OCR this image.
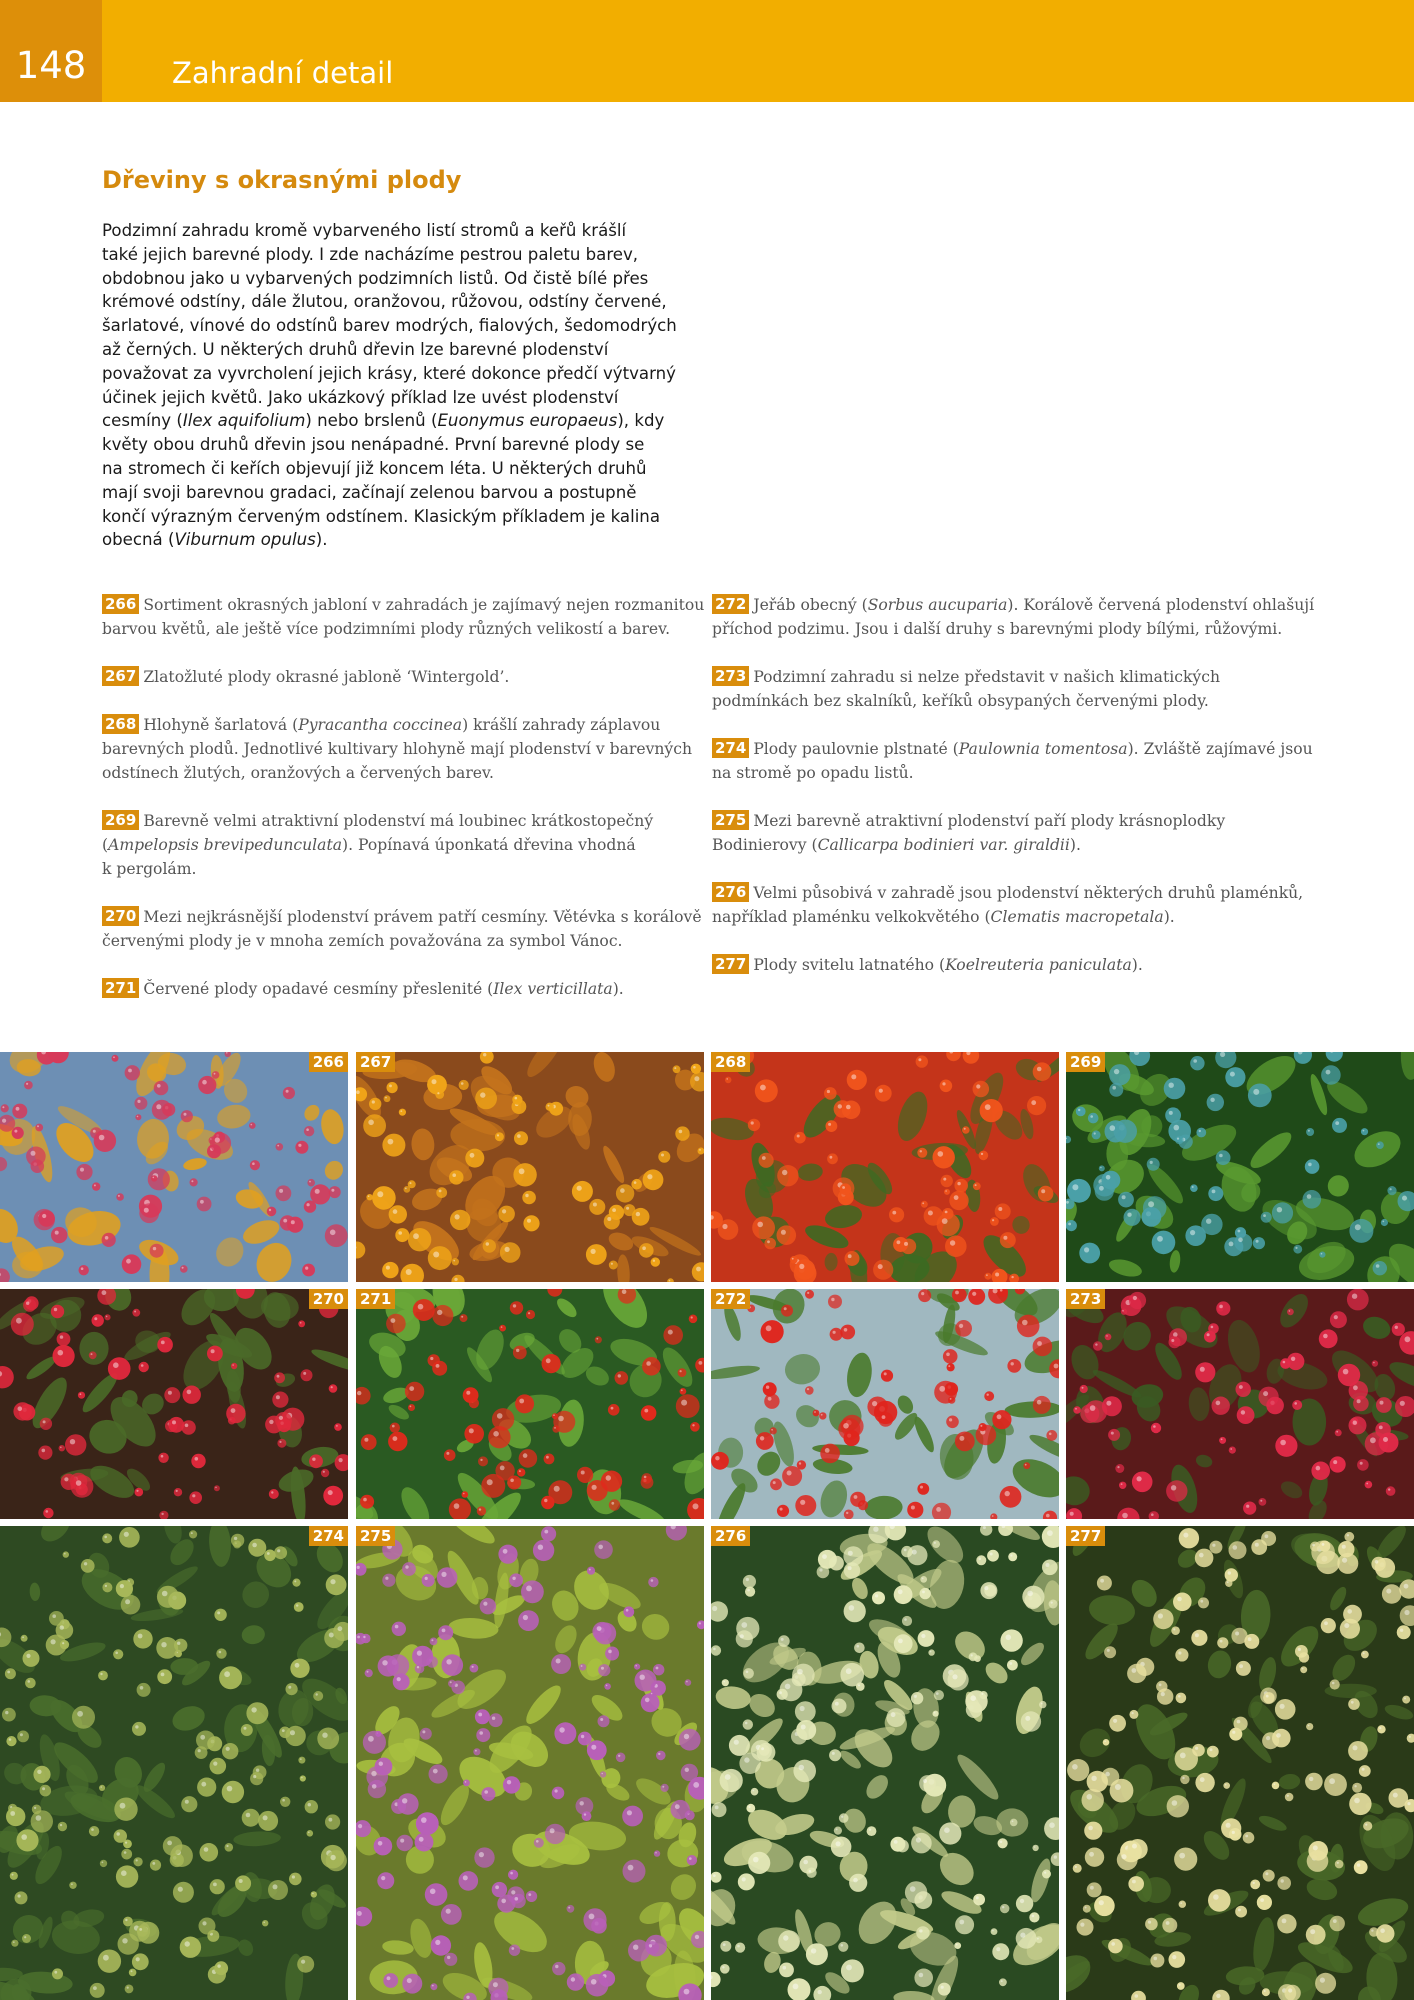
148	Zahradní detail
Dřeviny s okrasnými plody
Podzimní zahradu kromě vybarveného listí stromů a keřů krášlí
také jejich barevné plody. I zde nacházíme pestrou paletu barev,
obdobnou jako u vybarvených podzimních listů. Od čistě bílé přes
krémové odstíny, dále žlutou, oranžovou, růžovou, odstíny červené,
šarlatové, vínové do odstínů barev modrých, fialových, šedomodrých
až černých. U některých druhů dřevin lze barevné plodenství
považovat za vyvrcholení jejich krásy, které dokonce předčí výtvarný
účinek jejich květů. Jako ukázkový příklad lze uvést plodenství
cesmíny (Ilex aquifolium) nebo brslenů (Euonymus europaeus), kdy
květy obou druhů dřevin jsou nenápadné. První barevné plody se
na stromech či keřích objevují již koncem léta. U některých druhů
mají svoji barevnou gradaci, začínají zelenou barvou a postupně
končí výrazným červeným odstínem. Klasickým příkladem je kalina
obecná (Viburnum opulus).
266 Sortiment okrasných jabloní v zahradách je zajímavý nejen rozmanitou
barvou květů, ale ještě více podzimními plody různých velikostí a barev.
267 Zlatožluté plody okrasné jabloně ‘Wintergold’.
268 Hlohyně šarlatová (Pyracantha coccinea) krášlí zahrady záplavou
barevných plodů. Jednotlivé kultivary hlohyně mají plodenství v barevných
odstínech žlutých, oranžových a červených barev.
269 Barevně velmi atraktivní plodenství má loubinec krátkostopečný
(Ampelopsis brevipedunculata). Popínavá úponkatá dřevina vhodná
k pergolám.
270 Mezi nejkrásnější plodenství právem patří cesmíny. Větévka s korálově
červenými plody je v mnoha zemích považována za symbol Vánoc.
271 Červené plody opadavé cesmíny přeslenité (Ilex verticillata).
272 Jeřáb obecný (Sorbus aucuparia). Korálově červená plodenství ohlašují
příchod podzimu. Jsou i další druhy s barevnými plody bílými, růžovými.
273 Podzimní zahradu si nelze představit v našich klimatických
podmínkách bez skalníků, keříků obsypaných červenými plody.
274 Plody paulovnie plstnaté (Paulownia tomentosa). Zvláště zajímavé jsou
na stromě po opadu listů.
275 Mezi barevně atraktivní plodenství paří plody krásnoplodky
Bodinierovy (Callicarpa bodinieri var. giraldii).
276 Velmi působivá v zahradě jsou plodenství některých druhů plaménků,
například plaménku velkokvětého (Clematis macropetala).
277 Plody svitelu latnatého (Koelreuteria paniculata).
266 267	268	269
270 271	272	273
274 275	276	277
